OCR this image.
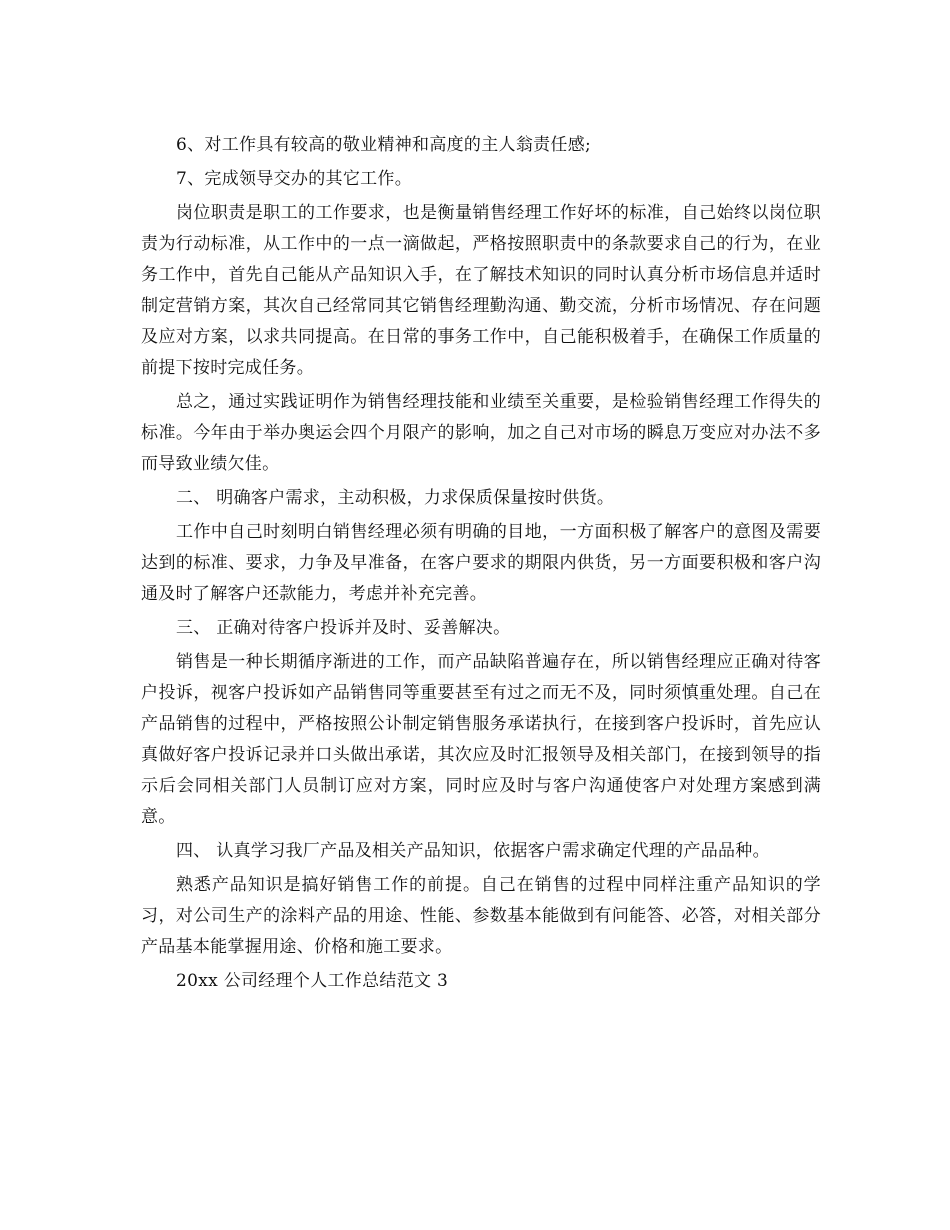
6、对工作具有较高的敬业精神和高度的主人翁责任感;

7、完成领导交办的其它工作。

岗位职责是职工的工作要求，也是衡量销售经理工作好坏的标准，自己始终以岗位职责为行动标准，从工作中的一点一滴做起，严格按照职责中的条款要求自己的行为，在业务工作中，首先自己能从产品知识入手，在了解技术知识的同时认真分析市场信息并适时制定营销方案，其次自己经常同其它销售经理勤沟通、勤交流，分析市场情况、存在问题及应对方案，以求共同提高。在日常的事务工作中，自己能积极着手，在确保工作质量的前提下按时完成任务。

总之，通过实践证明作为销售经理技能和业绩至关重要，是检验销售经理工作得失的标准。今年由于举办奥运会四个月限产的影响，加之自己对市场的瞬息万变应对办法不多而导致业绩欠佳。

二、 明确客户需求，主动积极，力求保质保量按时供货。

工作中自己时刻明白销售经理必须有明确的目地，一方面积极了解客户的意图及需要达到的标准、要求，力争及早准备，在客户要求的期限内供货，另一方面要积极和客户沟通及时了解客户还款能力，考虑并补充完善。

三、 正确对待客户投诉并及时、妥善解决。

销售是一种长期循序渐进的工作，而产品缺陷普遍存在，所以销售经理应正确对待客户投诉，视客户投诉如产品销售同等重要甚至有过之而无不及，同时须慎重处理。自己在产品销售的过程中，严格按照公讣制定销售服务承诺执行，在接到客户投诉时，首先应认真做好客户投诉记录并口头做出承诺，其次应及时汇报领导及相关部门，在接到领导的指示后会同相关部门人员制订应对方案，同时应及时与客户沟通使客户对处理方案感到满意。

四、 认真学习我厂产品及相关产品知识，依据客户需求确定代理的产品品种。

熟悉产品知识是搞好销售工作的前提。自己在销售的过程中同样注重产品知识的学习，对公司生产的涂料产品的用途、性能、参数基本能做到有问能答、必答，对相关部分产品基本能掌握用途、价格和施工要求。

20xx 公司经理个人工作总结范文 3
